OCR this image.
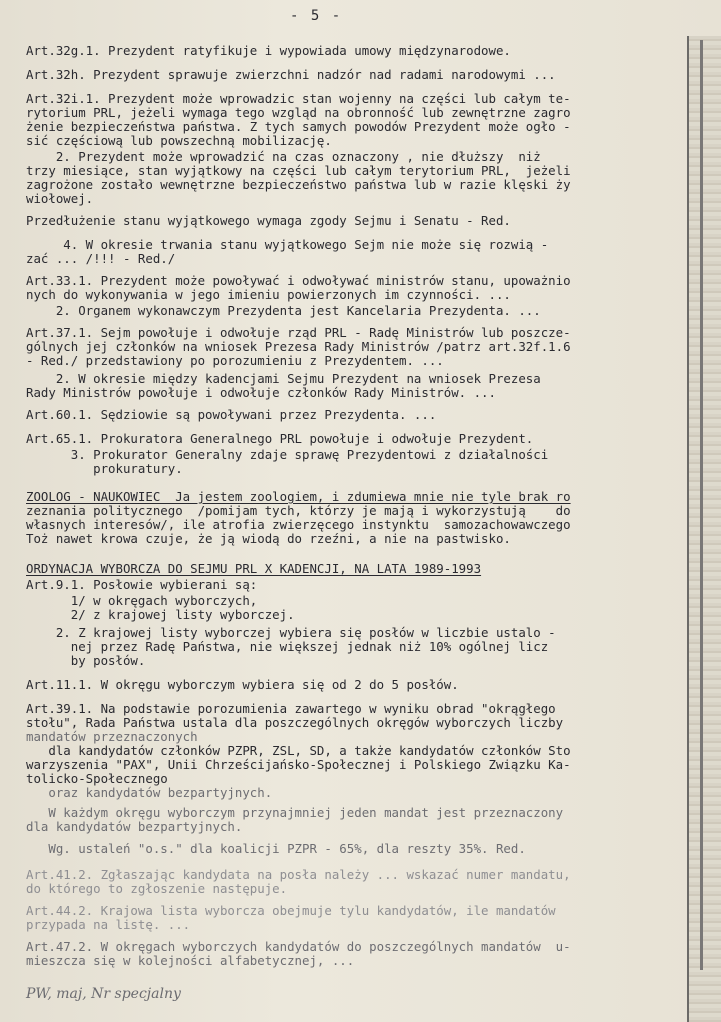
- 5 -
Art.32g.1. Prezydent ratyfikuje i wypowiada umowy międzynarodowe.
Art.32h. Prezydent sprawuje zwierzchni nadzór nad radami narodowymi ...
Art.32i.1. Prezydent może wprowadzic stan wojenny na części lub całym te-
rytorium PRL, jeżeli wymaga tego wzgląd na obronność lub zewnętrzne zagro
żenie bezpieczeństwa państwa. Z tych samych powodów Prezydent może ogło -
sić częściową lub powszechną mobilizację.
2. Prezydent może wprowadzić na czas oznaczony , nie dłuższy  niż
trzy miesiące, stan wyjątkowy na części lub całym terytorium PRL,  jeżeli
zagrożone zostało wewnętrzne bezpieczeństwo państwa lub w razie klęski ży
wiołowej.
Przedłużenie stanu wyjątkowego wymaga zgody Sejmu i Senatu - Red.
4. W okresie trwania stanu wyjątkowego Sejm nie może się rozwią -
zać ... /!!! - Red./
Art.33.1. Prezydent może powoływać i odwoływać ministrów stanu, upoważnio
nych do wykonywania w jego imieniu powierzonych im czynności. ...
2. Organem wykonawczym Prezydenta jest Kancelaria Prezydenta. ...
Art.37.1. Sejm powołuje i odwołuje rząd PRL - Radę Ministrów lub poszcze-
gólnych jej członków na wniosek Prezesa Rady Ministrów /patrz art.32f.1.6
- Red./ przedstawiony po porozumieniu z Prezydentem. ...
2. W okresie między kadencjami Sejmu Prezydent na wniosek Prezesa
Rady Ministrów powołuje i odwołuje członków Rady Ministrów. ...
Art.60.1. Sędziowie są powoływani przez Prezydenta. ...
Art.65.1. Prokuratora Generalnego PRL powołuje i odwołuje Prezydent.
3. Prokurator Generalny zdaje sprawę Prezydentowi z działalności
prokuratury.
ZOOLOG - NAUKOWIEC  Ja jestem zoologiem, i zdumiewa mnie nie tyle brak ro
zeznania politycznego  /pomijam tych, którzy je mają i wykorzystują    do
własnych interesów/, ile atrofia zwierzęcego instynktu  samozachowawczego
Toż nawet krowa czuje, że ją wiodą do rzeźni, a nie na pastwisko.
ORDYNACJA WYBORCZA DO SEJMU PRL X KADENCJI, NA LATA 1989-1993
Art.9.1. Posłowie wybierani są:
1/ w okręgach wyborczych,
2/ z krajowej listy wyborczej.
2. Z krajowej listy wyborczej wybiera się posłów w liczbie ustalo -
nej przez Radę Państwa, nie większej jednak niż 10% ogólnej licz
by posłów.
Art.11.1. W okręgu wyborczym wybiera się od 2 do 5 posłów.
Art.39.1. Na podstawie porozumienia zawartego w wyniku obrad "okrągłego
stołu", Rada Państwa ustala dla poszczególnych okręgów wyborczych liczby
mandatów przeznaczonych
dla kandydatów członków PZPR, ZSL, SD, a także kandydatów członków Sto
warzyszenia "PAX", Unii Chrześcijańsko-Społecznej i Polskiego Związku Ka-
tolicko-Społecznego
oraz kandydatów bezpartyjnych.
W każdym okręgu wyborczym przynajmniej jeden mandat jest przeznaczony
dla kandydatów bezpartyjnych.
Wg. ustaleń "o.s." dla koalicji PZPR - 65%, dla reszty 35%. Red.
Art.41.2. Zgłaszając kandydata na posła należy ... wskazać numer mandatu,
do którego to zgłoszenie następuje.
Art.44.2. Krajowa lista wyborcza obejmuje tylu kandydatów, ile mandatów
przypada na listę. ...
Art.47.2. W okręgach wyborczych kandydatów do poszczególnych mandatów  u-
mieszcza się w kolejności alfabetycznej, ...
PW, maj, Nr specjalny
